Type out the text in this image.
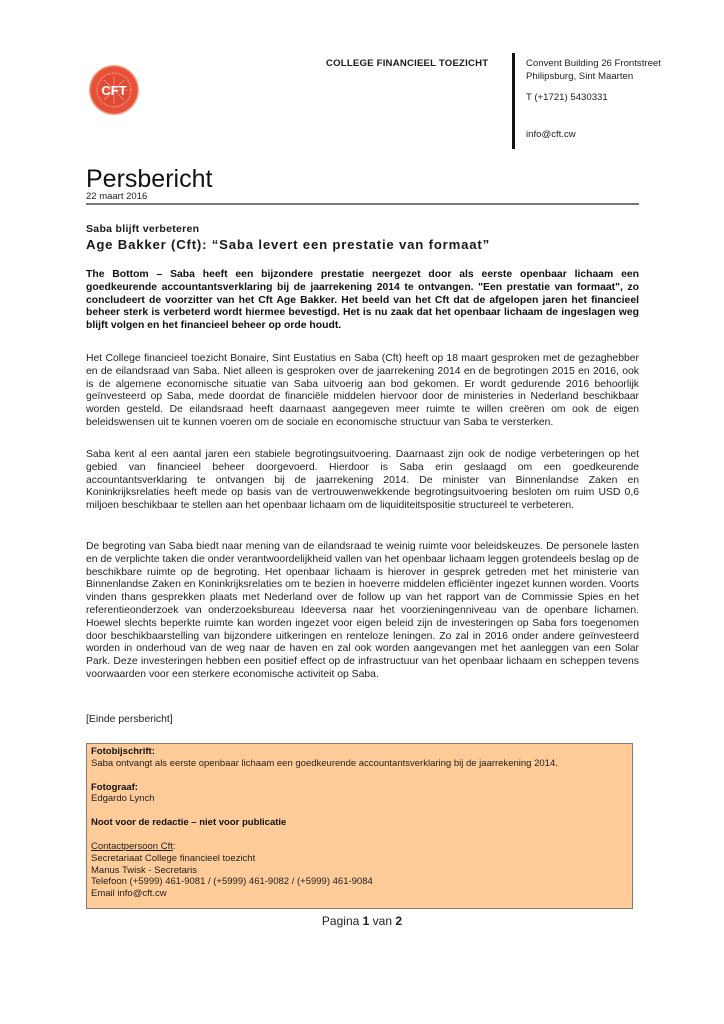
CFT
COLLEGE FINANCIEEL TOEZICHT	Convent Building 26 Frontstreet
Philipsburg, Sint Maarten
T (+1721) 5430331
info@cft.cw
Persbericht
22 maart 2016
Saba blijft verbeteren
Age Bakker (Cft): “Saba levert een prestatie van formaat”
The Bottom – Saba heeft een bijzondere prestatie neergezet door als eerste openbaar lichaam een goedkeurende accountantsverklaring bij de jaarrekening 2014 te ontvangen. "Een prestatie van formaat", zo concludeert de voorzitter van het Cft Age Bakker. Het beeld van het Cft dat de afgelopen jaren het financieel beheer sterk is verbeterd wordt hiermee bevestigd. Het is nu zaak dat het openbaar lichaam de ingeslagen weg blijft volgen en het financieel beheer op orde houdt.
Het College financieel toezicht Bonaire, Sint Eustatius en Saba (Cft) heeft op 18 maart gesproken met de gezaghebber en de eilandsraad van Saba. Niet alleen is gesproken over de jaarrekening 2014 en de begrotingen 2015 en 2016, ook is de algemene economische situatie van Saba uitvoerig aan bod gekomen. Er wordt gedurende 2016 behoorlijk geïnvesteerd op Saba, mede doordat de financiële middelen hiervoor door de ministeries in Nederland beschikbaar worden gesteld. De eilandsraad heeft daarnaast aangegeven meer ruimte te willen creëren om ook de eigen beleidswensen uit te kunnen voeren om de sociale en economische structuur van Saba te versterken.
Saba kent al een aantal jaren een stabiele begrotingsuitvoering. Daarnaast zijn ook de nodige verbeteringen op het gebied van financieel beheer doorgevoerd. Hierdoor is Saba erin geslaagd om een goedkeurende accountantsverklaring te ontvangen bij de jaarrekening 2014. De minister van Binnenlandse Zaken en Koninkrijksrelaties heeft mede op basis van de vertrouwenwekkende begrotingsuitvoering besloten om ruim USD 0,6 miljoen beschikbaar te stellen aan het openbaar lichaam om de liquiditeitspositie structureel te verbeteren.
De begroting van Saba biedt naar mening van de eilandsraad te weinig ruimte voor beleidskeuzes. De personele lasten en de verplichte taken die onder verantwoordelijkheid vallen van het openbaar lichaam leggen grotendeels beslag op de beschikbare ruimte op de begroting. Het openbaar lichaam is hierover in gesprek getreden met het ministerie van Binnenlandse Zaken en Koninkrijksrelaties om te bezien in hoeverre middelen efficiënter ingezet kunnen worden. Voorts vinden thans gesprekken plaats met Nederland over de follow up van het rapport van de Commissie Spies en het referentieonderzoek van onderzoeksbureau Ideeversa naar het voorzieningenniveau van de openbare lichamen. Hoewel slechts beperkte ruimte kan worden ingezet voor eigen beleid zijn de investeringen op Saba fors toegenomen door beschikbaarstelling van bijzondere uitkeringen en renteloze leningen. Zo zal in 2016 onder andere geïnvesteerd worden in onderhoud van de weg naar de haven en zal ook worden aangevangen met het aanleggen van een Solar Park. Deze investeringen hebben een positief effect op de infrastructuur van het openbaar lichaam en scheppen tevens voorwaarden voor een sterkere economische activiteit op Saba.
[Einde persbericht]
Fotobijschrift:
Saba ontvangt als eerste openbaar lichaam een goedkeurende accountantsverklaring bij de jaarrekening 2014.
Fotograaf:
Edgardo Lynch
Noot voor de redactie – niet voor publicatie
Contactpersoon Cft:
Secretariaat College financieel toezicht
Manus Twisk - Secretaris
Telefoon (+5999) 461-9081 / (+5999) 461-9082 / (+5999) 461-9084
Email info@cft.cw
Pagina 1 van 2
